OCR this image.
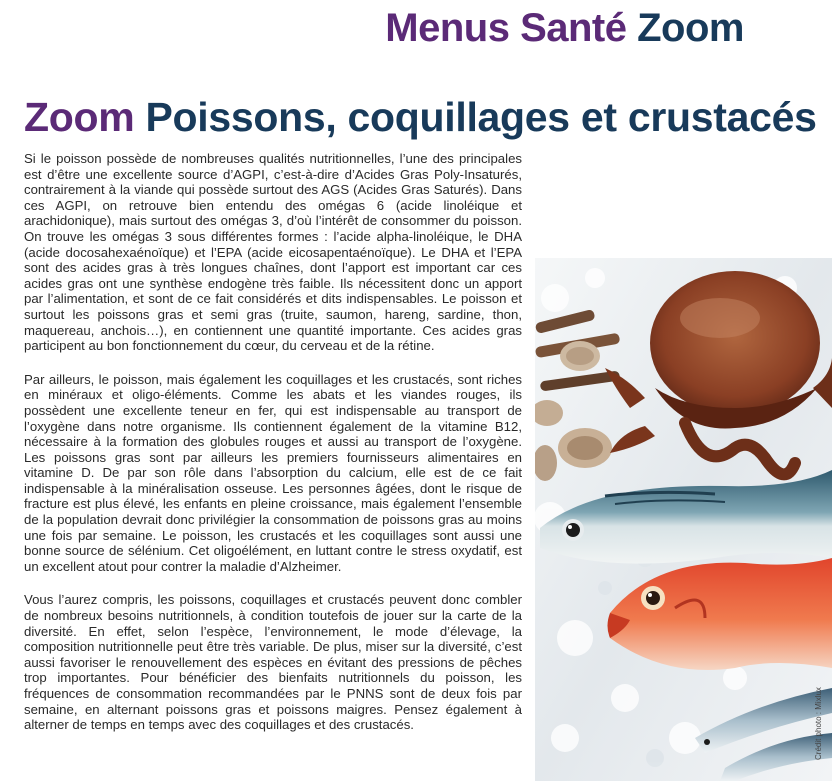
Menus Santé Zoom
Zoom Poissons, coquillages et crustacés
Crédit photo : Mixlux

Si le poisson possède de nombreuses qualités nutritionnelles, l’une des principales est d’être une excellente source d’AGPI, c’est-à-dire d’Acides Gras Poly-Insaturés, contrairement à la viande qui possède surtout des AGS (Acides Gras Saturés). Dans ces AGPI, on retrouve bien entendu des omégas 6 (acide linoléique et arachidonique), mais surtout des omégas 3, d’où l’intérêt de consommer du poisson. On trouve les omégas 3 sous différentes formes : l’acide alpha-linoléique, le DHA (acide docosahexaénoïque) et l’EPA (acide eicosapentaénoïque). Le DHA et l’EPA sont des acides gras à très longues chaînes, dont l’apport est important car ces acides gras ont une synthèse endogène très faible. Ils nécessitent donc un apport par l’alimentation, et sont de ce fait considérés et dits indispensables. Le poisson et surtout les poissons gras et semi gras (truite, saumon, hareng, sardine, thon, maquereau, anchois…), en contiennent une quantité importante. Ces acides gras participent au bon fonctionnement du cœur, du cerveau et de la rétine.

Par ailleurs, le poisson, mais également les coquillages et les crustacés, sont riches en minéraux et oligo-éléments. Comme les abats et les viandes rouges, ils possèdent une excellente teneur en fer, qui est indispensable au transport de l’oxygène dans notre organisme. Ils contiennent également de la vitamine B12, nécessaire à la formation des globules rouges et aussi au transport de l’oxygène. Les poissons gras sont par ailleurs les premiers fournisseurs alimentaires en vitamine D. De par son rôle dans l’absorption du calcium, elle est de ce fait indispensable à la minéralisation osseuse. Les personnes âgées, dont le risque de fracture est plus élevé, les enfants en pleine croissance, mais également l’ensemble de la population devrait donc privilégier la consommation de poissons gras au moins une fois par semaine. Le poisson, les crustacés et les coquillages sont aussi une bonne source de sélénium. Cet oligoélément, en luttant contre le stress oxydatif, est un excellent atout pour contrer la maladie d’Alzheimer.

Vous l’aurez compris, les poissons, coquillages et crustacés peuvent donc combler de nombreux besoins nutritionnels, à condition toutefois de jouer sur la carte de la diversité. En effet, selon l’espèce, l’environnement, le mode d’élevage, la composition nutritionnelle peut être très variable. De plus, miser sur la diversité, c’est aussi favoriser le renouvellement des espèces en évitant des pressions de pêches trop importantes. Pour bénéficier des bienfaits nutritionnels du poisson, les fréquences de consommation recommandées par le PNNS sont de deux fois par semaine, en alternant poissons gras et poissons maigres. Pensez également à alterner de temps en temps avec des coquillages et des crustacés.
